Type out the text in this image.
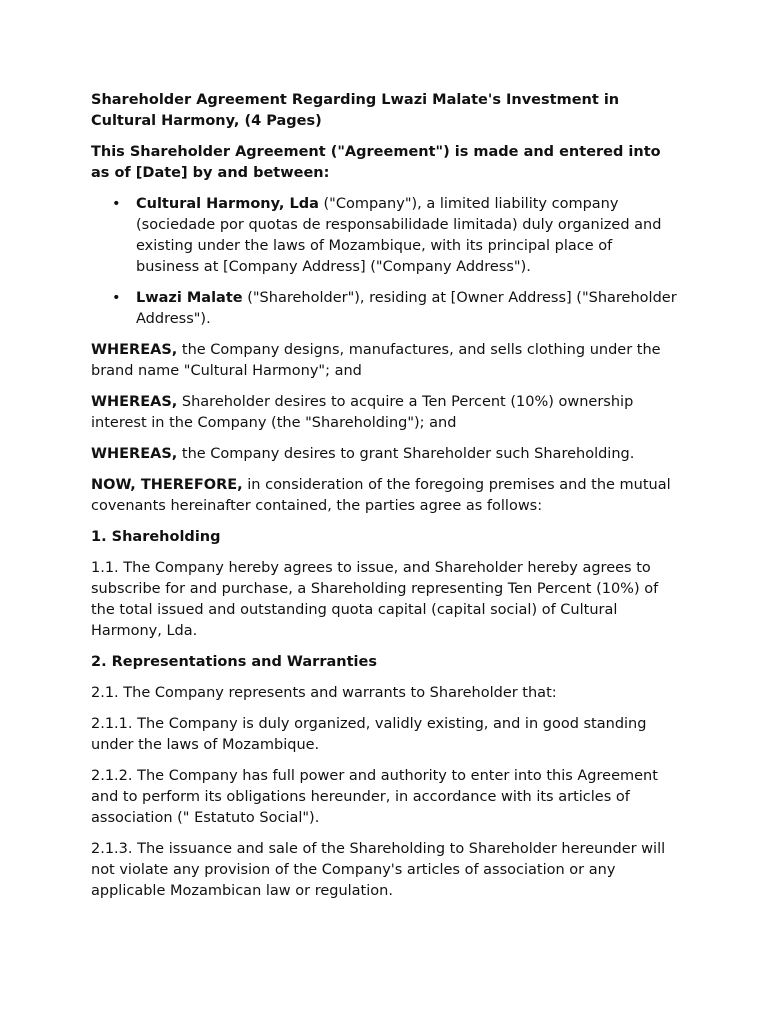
Shareholder Agreement Regarding Lwazi Malate's Investment in Cultural Harmony, (4 Pages)

This Shareholder Agreement ("Agreement") is made and entered into as of [Date] by and between:

• Cultural Harmony, Lda ("Company"), a limited liability company (sociedade por quotas de responsabilidade limitada) duly organized and existing under the laws of Mozambique, with its principal place of business at [Company Address] ("Company Address").
• Lwazi Malate ("Shareholder"), residing at [Owner Address] ("Shareholder Address").

WHEREAS, the Company designs, manufactures, and sells clothing under the brand name "Cultural Harmony"; and

WHEREAS, Shareholder desires to acquire a Ten Percent (10%) ownership interest in the Company (the "Shareholding"); and

WHEREAS, the Company desires to grant Shareholder such Shareholding.

NOW, THEREFORE, in consideration of the foregoing premises and the mutual covenants hereinafter contained, the parties agree as follows:

1. Shareholding

1.1. The Company hereby agrees to issue, and Shareholder hereby agrees to subscribe for and purchase, a Shareholding representing Ten Percent (10%) of the total issued and outstanding quota capital (capital social) of Cultural Harmony, Lda.

2. Representations and Warranties

2.1. The Company represents and warrants to Shareholder that:

2.1.1. The Company is duly organized, validly existing, and in good standing under the laws of Mozambique.

2.1.2. The Company has full power and authority to enter into this Agreement and to perform its obligations hereunder, in accordance with its articles of association (" Estatuto Social").

2.1.3. The issuance and sale of the Shareholding to Shareholder hereunder will not violate any provision of the Company's articles of association or any applicable Mozambican law or regulation.
